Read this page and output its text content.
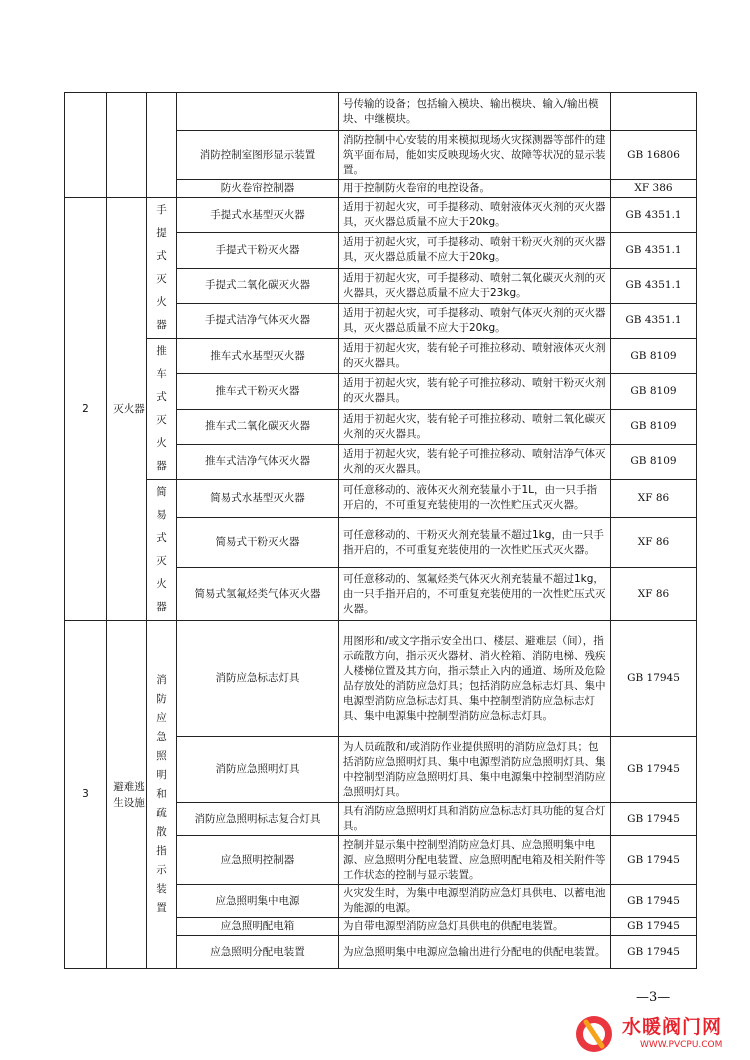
				号传输的设备；包括输入模块、输出模块、输入/输出模块、中继模块。	
			消防控制室图形显示装置	消防控制中心安装的用来模拟现场火灾探测器等部件的建筑平面布局，能如实反映现场火灾、故障等状况的显示装置。	GB 16806
			防火卷帘控制器	用于控制防火卷帘的电控设备。	XF 386
2	灭火器	手提式灭火器	手提式水基型灭火器	适用于初起火灾，可手提移动、喷射液体灭火剂的灭火器具，灭火器总质量不应大于20kg。	GB 4351.1
			手提式干粉灭火器	适用于初起火灾，可手提移动、喷射干粉灭火剂的灭火器具，灭火器总质量不应大于20kg。	GB 4351.1
			手提式二氧化碳灭火器	适用于初起火灾，可手提移动、喷射二氧化碳灭火剂的灭火器具，灭火器总质量不应大于23kg。	GB 4351.1
			手提式洁净气体灭火器	适用于初起火灾，可手提移动、喷射气体灭火剂的灭火器具，灭火器总质量不应大于20kg。	GB 4351.1
		推车式灭火器	推车式水基型灭火器	适用于初起火灾，装有轮子可推拉移动、喷射液体灭火剂的灭火器具。	GB 8109
			推车式干粉灭火器	适用于初起火灾，装有轮子可推拉移动、喷射干粉灭火剂的灭火器具。	GB 8109
			推车式二氧化碳灭火器	适用于初起火灾，装有轮子可推拉移动、喷射二氧化碳灭火剂的灭火器具。	GB 8109
			推车式洁净气体灭火器	适用于初起火灾，装有轮子可推拉移动、喷射洁净气体灭火剂的灭火器具。	GB 8109
		简易式灭火器	简易式水基型灭火器	可任意移动的、液体灭火剂充装量小于1L，由一只手指开启的，不可重复充装使用的一次性贮压式灭火器。	XF 86
			简易式干粉灭火器	可任意移动的、干粉灭火剂充装量不超过1kg，由一只手指开启的，不可重复充装使用的一次性贮压式灭火器。	XF 86
			简易式氢氟烃类气体灭火器	可任意移动的、氢氟烃类气体灭火剂充装量不超过1kg，由一只手指开启的，不可重复充装使用的一次性贮压式灭火器。	XF 86
3	避难逃生设施	消防应急照明和疏散指示装置	消防应急标志灯具	用图形和/或文字指示安全出口、楼层、避难层（间），指示疏散方向，指示灭火器材、消火栓箱、消防电梯、残疾人楼梯位置及其方向，指示禁止入内的通道、场所及危险品存放处的消防应急灯具；包括消防应急标志灯具、集中电源型消防应急标志灯具、集中控制型消防应急标志灯具、集中电源集中控制型消防应急标志灯具。	GB 17945
			消防应急照明灯具	为人员疏散和/或消防作业提供照明的消防应急灯具；包括消防应急照明灯具、集中电源型消防应急照明灯具、集中控制型消防应急照明灯具、集中电源集中控制型消防应急照明灯具。	GB 17945
			消防应急照明标志复合灯具	具有消防应急照明灯具和消防应急标志灯具功能的复合灯具。	GB 17945
			应急照明控制器	控制并显示集中控制型消防应急灯具、应急照明集中电源、应急照明分配电装置、应急照明配电箱及相关附件等工作状态的控制与显示装置。	GB 17945
			应急照明集中电源	火灾发生时，为集中电源型消防应急灯具供电、以蓄电池为能源的电源。	GB 17945
			应急照明配电箱	为自带电源型消防应急灯具供电的供配电装置。	GB 17945
			应急照明分配电装置	为应急照明集中电源应急输出进行分配电的供配电装置。	GB 17945
—3—
水暖阀门网
WWW.PVCPU.COM
